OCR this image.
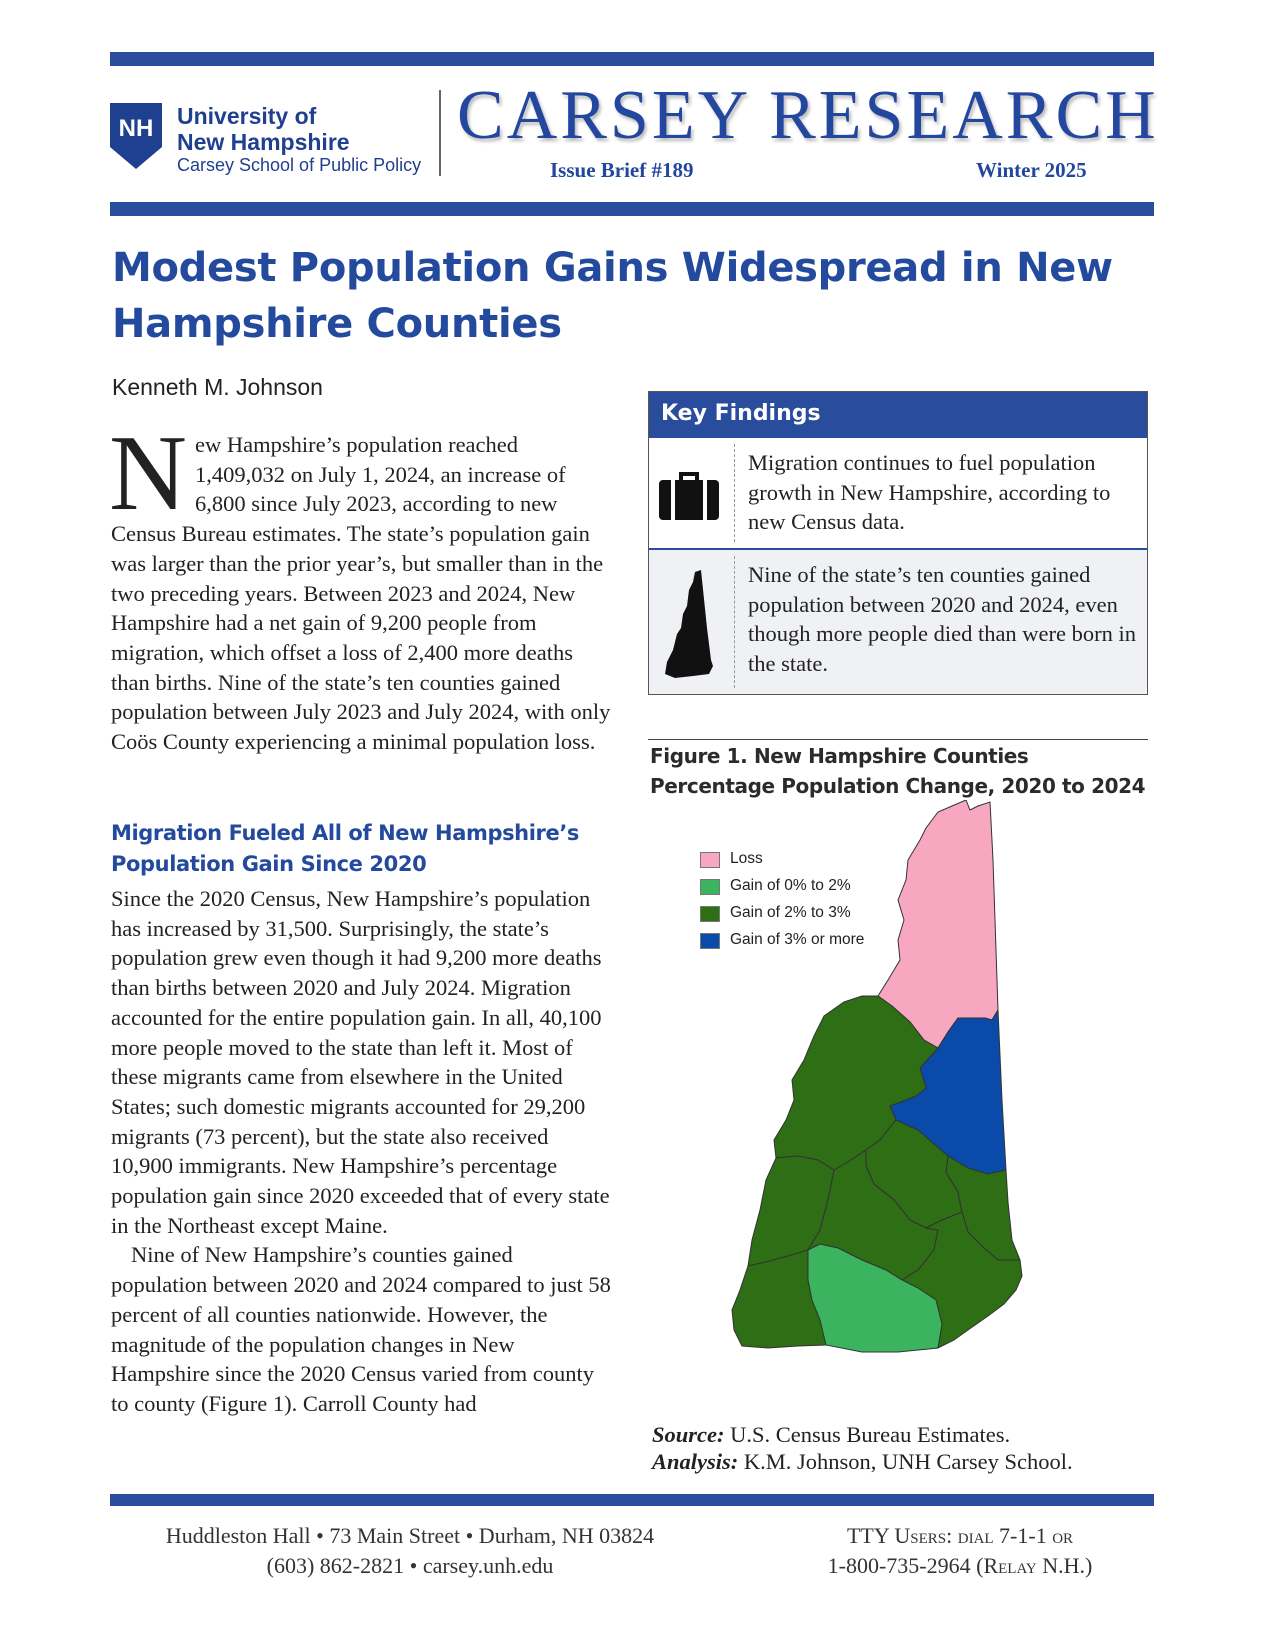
NH University of
New Hampshire
Carsey School of Public Policy
CARSEY RESEARCH
Issue Brief #189	Winter 2025
Modest Population Gains Widespread in New Hampshire Counties
Kenneth M. Johnson

New Hampshire’s population reached 1,409,032 on July 1, 2024, an increase of 6,800 since July 2023, according to new Census Bureau estimates. The state’s population gain was larger than the prior year’s, but smaller than in the two preceding years. Between 2023 and 2024, New Hampshire had a net gain of 9,200 people from migration, which offset a loss of 2,400 more deaths than births. Nine of the state’s ten counties gained population between July 2023 and July 2024, with only Coös County experiencing a minimal population loss.

Migration Fueled All of New Hampshire’s Population Gain Since 2020

Since the 2020 Census, New Hampshire’s population has increased by 31,500. Surprisingly, the state’s population grew even though it had 9,200 more deaths than births between 2020 and July 2024. Migration accounted for the entire population gain. In all, 40,100 more people moved to the state than left it. Most of these migrants came from elsewhere in the United States; such domestic migrants accounted for 29,200 migrants (73 percent), but the state also received 10,900 immigrants. New Hampshire’s percentage population gain since 2020 exceeded that of every state in the Northeast except Maine.

Nine of New Hampshire’s counties gained population between 2020 and 2024 compared to just 58 percent of all counties nationwide. However, the magnitude of the population changes in New Hampshire since the 2020 Census varied from county to county (Figure 1). Carroll County had

Key Findings
Migration continues to fuel population growth in New Hampshire, according to new Census data.
Nine of the state’s ten counties gained population between 2020 and 2024, even though more people died than were born in the state.
Figure 1. New Hampshire Counties Percentage Population Change, 2020 to 2024
Loss
Gain of 0% to 2%
Gain of 2% to 3%
Gain of 3% or more
Source: U.S. Census Bureau Estimates.
Analysis: K.M. Johnson, UNH Carsey School.
Huddleston Hall • 73 Main Street • Durham, NH 03824
(603) 862-2821 • carsey.unh.edu
TTY Users: dial 7-1-1 or
1-800-735-2964 (Relay N.H.)
